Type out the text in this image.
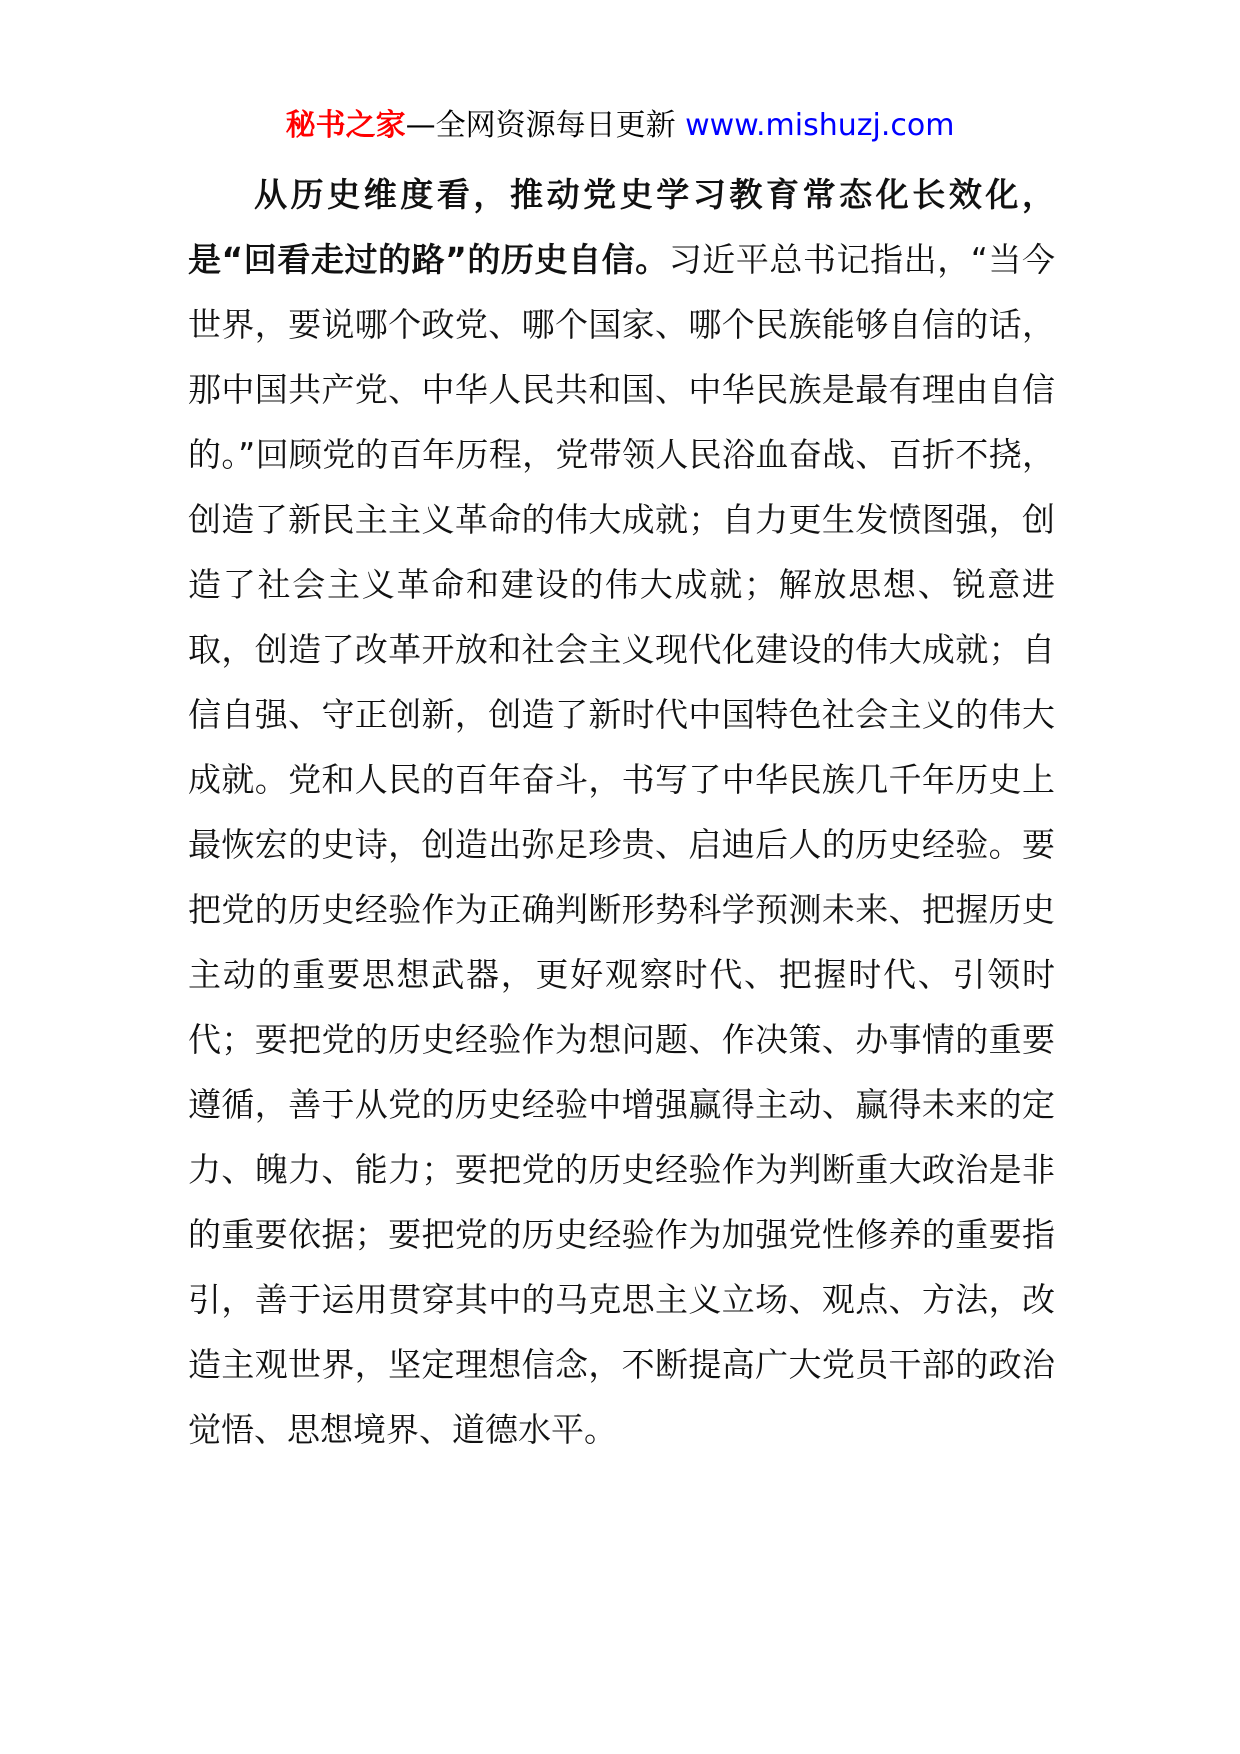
秘书之家—全网资源每日更新 www.mishuzj.com

从历史维度看，推动党史学习教育常态化长效化，是“回看走过的路”的历史自信。习近平总书记指出，“当今世界，要说哪个政党、哪个国家、哪个民族能够自信的话，那中国共产党、中华人民共和国、中华民族是最有理由自信的。”回顾党的百年历程，党带领人民浴血奋战、百折不挠，创造了新民主主义革命的伟大成就；自力更生发愤图强，创造了社会主义革命和建设的伟大成就；解放思想、锐意进取，创造了改革开放和社会主义现代化建设的伟大成就；自信自强、守正创新，创造了新时代中国特色社会主义的伟大成就。党和人民的百年奋斗，书写了中华民族几千年历史上最恢宏的史诗，创造出弥足珍贵、启迪后人的历史经验。要把党的历史经验作为正确判断形势科学预测未来、把握历史主动的重要思想武器，更好观察时代、把握时代、引领时代；要把党的历史经验作为想问题、作决策、办事情的重要遵循，善于从党的历史经验中增强赢得主动、赢得未来的定力、魄力、能力；要把党的历史经验作为判断重大政治是非的重要依据；要把党的历史经验作为加强党性修养的重要指引，善于运用贯穿其中的马克思主义立场、观点、方法，改造主观世界，坚定理想信念，不断提高广大党员干部的政治觉悟、思想境界、道德水平。
